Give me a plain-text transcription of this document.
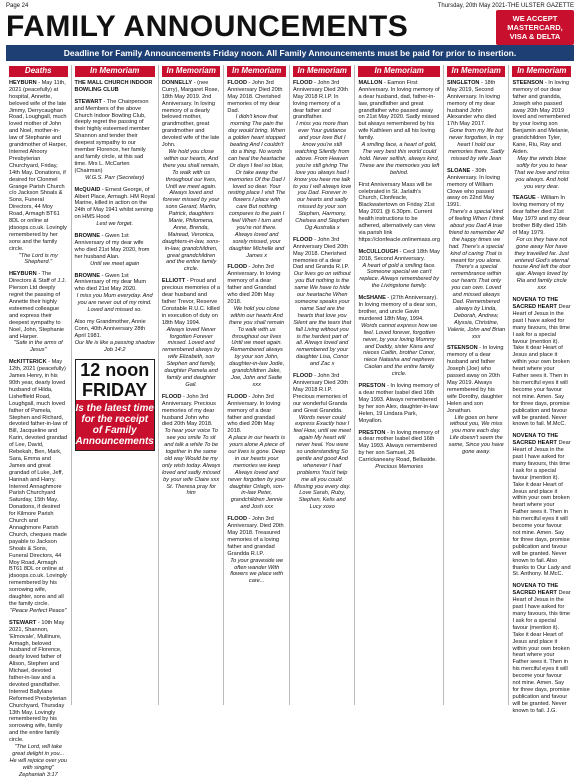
Page 24	Thursday, 20th May 2021-THE ULSTER GAZETTE
FAMILY ANNOUNCEMENTS	WE ACCEPT MASTERCARD, VISA & DELTA
Deadline for Family Announcements Friday noon. All Family Announcements must be paid for prior to insertion.
Deaths
HEYBURN - May 11th, 2021 (peacefully) at hospital, Annette, beloved wife of the late Jimmy, Derrycaughan Road, Loughgall, much loved mother of John and Noel, mother-in-law of Stephanie and grandmother of Harper, Interred Ahoory Presbyterian Churchyard, Friday, 14th May. Donations, if desired for Clonmel Grange Parish Church c/o Jackson Shoals & Sons, Funeral Directors, 44 Moy Road, Armagh BT61 8DL or online at jdsoops.co.uk. Lovingly remembered by her sons and the family circle.
"The Lord is my Shepherd."
HEYBURN - The Directors & Staff of J.J. Pierson Ltd deeply regret the passing of Annette their highly esteemed colleague and express their deepest sympathy to Noel, John, Stephanie and Harper.
"Safe in the arms of Jesus"
McKITTERICK - May 12th, 2021 (peacefully) James Henry, in his 90th year, dearly loved husband of Hilda, Lisheffield Road, Loughgall, much loved father of Pamela, Stephen and Richard, devoted father-in-law of Bill, Jacqueline and Karin, devoted grandad of Lee, David, Rebekah, Ben, Mark, Sara, Emma and James and great grandad of Luke, Jeff, Hannah and Harry. Interred Annaghmore Parish Churchyard Saturday, 15th May. Donations, if desired for Kilmore Parish Church and Annaghmore Parish Church, cheques made payable to Jackson Shoals & Sons, Funeral Directors, 44 Moy Road, Armagh BT61 8DL or online at jdsoops.co.uk. Lovingly remembered by his sorrowing wife, daughter, sons and all the family circle.
"Peace Perfect Peace"
STEWART - 10th May 2021, Shannon, 'Elmovale', Mullinure, Armagh, beloved husband of Florence, dearly loved father of Alison, Stephen and Michael, devoted father-in-law and a devoted grandfather. Interred Ballylane Reformed Presbyterian Churchyard, Thursday 13th May. Lovingly remembered by his sorrowing wife, family and the entire family circle.
"The Lord, will take great delight in you... He will rejoice over you with singing" Zephaniah 3:17
In Memoriam
THE MALL CHURCH INDOOR BOWLING CLUB
STEWART - The Chairperson and Members of the above Church Indoor Bowling Club, deeply regret the passing of their highly esteemed member Shannon and tender their deepest sympathy to our member Florence, her family and family circle, at this sad time. Mrs L. McCarten (Chairman)
W.G.S. Parr (Secretary)
McQUAID - Ernest George, of Albert Place, Armagh. HM Royal Marine, killed in action on the 24th of May 1941 whilst serving on HMS Hood
Lest we forget.
BROWNE - Gwen 1st Anniversary of my dear wife who died 21st May 2020, from her husband Alan.
Until we meet again
BROWNE - Gwen 1st Anniversary of my dear Mum who died 21st May 2020.
I miss you Mum everyday. And you are never out of my mind. Loved and missed so.
Also my Grandmother, Annie Conn, 40th Anniversary 28th April 1981.
Our life is like a passing shadow Job 14:2
12 noon
FRIDAY
Is the latest time for the receipt of Family Announcements
In Memoriam
DONNELLY - (nee Curry), Margaret Rose, 18th May 2019. 2nd Anniversary. In loving memory of a dearly beloved mother, grandmother, great grandmother and devoted wife of the late John.
We hold you close within our hearts, And there you shall remain, To walk with us throughout our lives, Until we meet again. Always loved and forever missed by your sons Gerard, Martin, Patrick, daughters Marie, Philomena, Anne, Brenda, Mairead, Veronica, daughters-in-law, sons-in-law, grandchildren, great grandchildren and the entire family circle.
ELLIOTT - Proud and precious memories of a dear husband and father Trevor, Reserve Constable R.U.C. killed in execution of duty on 18th May 1994.
Always loved Never forgotten Forever missed. Loved and remembered always by wife Elizabeth, son Stephen and family, daughter Pamela and family and daughter Gail.
FLOOD - John 3rd Anniversary. Precious memories of my dear husband John who died 20th May 2018.
To hear your voice To see you smile To sit and talk a while To be together in the same old way Would be my only wish today. Always loved and sadly missed by your wife Claire xxx St. Theresa pray for him
In Memoriam
FLOOD - John 3rd Anniversary Died 20th May 2018. Cherished memories of my dear Dad.
I didn't know that morning The pain the day would bring. When a golden heart stopped beating And I couldn't do a thing. No words can heal the heartache Or days I feel so blue, Or take away the memories Of the Dad I loved so dear. Your resting place I visit The flowers I place with care But nothing compares to the pain I feel When I turn and you're not there. Always loved and sorely missed, your daughter Michelle and James x
FLOOD - John 3rd Anniversary. In loving memory of a dear father and Grandad who died 20th May 2018.
We hold you close within our hearts And there you shall remain To walk with us throughout our lives Until we meet again. Remembered always by your son John, daughter-in-law Jodie, grandchildren Jake, Joe, John and Sadie xxx
FLOOD - John 3rd Anniversary. In loving memory of a dear father and grandad who died 20th May 2018.
A place in our hearts is yours alone A piece of our lives is gone. Deep in our hearts your memories we keep Always loved and never forgotten by your daughter Orlagh, son-in-law Peter, grandchildren Jennie and Josh xxx
FLOOD - John 3rd Anniversary. Died 20th May 2018. Treasured memories of a loving father and grandad Grandda R.I.P.
To your graveside we often wander With flowers we place with care...
In Memoriam
FLOOD - John 3rd Anniversary Died 20th May 2018 R.I.P. In loving memory of a dear father and grandfather.
I miss you more than ever Your guidance and your love But I know you're still watching Silently from above. From Heaven you're still giving The love you always had I know you hear me talk to you I will always love you Dad. Forever in our hearts and sadly missed by your son Stephen, Harmony, Chelsea and Stephen Og Australia x
FLOOD - John 3rd Anniversary Died 20th May 2018. Cherished memories of a dear Dad and Granda R.I.P.
Our lives go on without you But nothing is the same We have to hide our heartache When someone speaks your name Sad are the hearts that love you Silent are the tears that fall Living without you is the hardest part of all. Always loved and remembered by your daughter Lisa, Conor and Zac x
FLOOD - John 3rd Anniversary Died 20th May 2018 R.I.P. Precious memories of our wonderful Granda and Great Grandda.
Words never could express Exactly how I feel How, until we meet again My heart will never heal. You were so understanding So gentle and good And whenever I had problems You'd help me all you could. Missing you every day. Love Sarah, Ruby, Stephen, Kelis and Lucy xoxo
In Memoriam
MALLON - Eamon First Anniversary. In loving memory of a dear husband, dad, father-in-law, grandfather and great grandfather who passed away on 21st May 2020. Sadly missed but always remembered by his wife Kathleen and all his loving family.
A smiling face, a heart of gold, The very best this world could hold. Never selfish, always kind, These are the memories you left behind.
First Anniversary Mass will be celebrated in St. Jarlath's Church, Clonfeacle, Blackwatertown on Friday 21st May 2021 @ 6.30pm. Current health instructions to be adhered, alternatively can view via parish link https://clonfeacle.onlinemass.org
McCULLOUGH - Cecil 18th May 2018, Second Anniversary.
A heart of gold a smiling face. Someone special we can't replace. Always remembered by the Livingstone family.
McSHANE - (27th Anniversary). In loving memory of a dear son, brother, and uncle Gavin murdered 18th May, 1994.
Words cannot express how we feel. Loved forever, forgotten never, by your loving Mummy and Daddy, sister Kiera and nieces Caitlin, brother Conor, niece Natasha and nephews Caolan and the entire family circle.
PRESTON - In loving memory of a dear mother Isabel died 16th May 1993. Always remembered by her son Alex, daughter-in-law Helen, 19 Lindara Park, Moyallon.
PRESTON - In loving memory of a dear mother Isabel died 16th May 1993. Always remembered by her son Samuel, 26 Carrickaneany Road, Bellaside.
Precious Memories
In Memoriam
SINGLETON - 18th May 2019, Second Anniversary. In loving memory of my dear husband John Alexander who died 17th May 2017.
Gone from my life but never forgotten, In my heart I hold our memories there. Sadly missed by wife Jean
SLOANE - 30th Anniversary. In loving memory of William Clowe who passed away on 22nd May 1991.
There's a special kind of feeling When I think about you Dad A true friend to remember All the happy times we had. There's a special kind of caring That is meant for you alone. There's a special remembrance within our hearts That only you can own. Loved and missed always Dad. Remembered always by Linda, Deborah, Andrew, Alyssia, Christine, Valerie, John and Brian xxx
STEENSON - In loving memory of a dear husband and father Joseph (Joe) who passed away on 20th May 2019. Always remembered by his wife Dorothy, daughter Helen and son Jonathan.
Life goes on here without you, We miss you more each day. Life doesn't seem the same, Since you have gone away.
In Memoriam
STEENSON - In loving memory of our dear father and grandda, Joseph who passed away 20th May 2019 loved and remembered by your loving son Benjamin and Melanie, grandchildren Tyler, Kane, Riu, Ray and Aiden.
May the winds blow softly for you to hear That we love and miss you always. And hold you very dear.
TEAGUE - William In loving memory of my dear father died 21st May 1979 and my dear brother Billy died 15th of May 1979.
For us they have not gone away Nor have they travelled far. Just entered God's eternal house And left the door ajar. Always loved by Ria and family circle xxx
NOVENA TO THE SACRED HEART Dear Heart of Jesus in the past I have asked for many favours, this time I ask for a special favour (mention it). Take it dear Heart of Jesus and place it within your own broken heart where your Father sees it. Then in his merciful eyes it will become your favour not mine. Amen. Say for three days, promise publication and favour will be granted. Never known to fail. M.McC.
NOVENA TO THE SACRED HEART Dear Heart of Jesus in the past I have asked for many favours, this time I ask for a special favour (mention it). Take it dear Heart of Jesus and place it within your own broken heart where your Father sees it. Then in his merciful eyes it will become your favour not mine. Amen. Say for three days, promise publication and favour will be granted. Never known to fail. Also thanks to Our Lady and St. Anthony. M.McC.
NOVENA TO THE SACRED HEART Dear Heart of Jesus in the past I have asked for many favours, this time I ask for a special favour (mention it). Take it dear Heart of Jesus and place it within your own broken heart where your Father sees it. Then in his merciful eyes it will become your favour not mine. Amen. Say for three days, promise publication and favour will be granted. Never known to fail. J.G.
